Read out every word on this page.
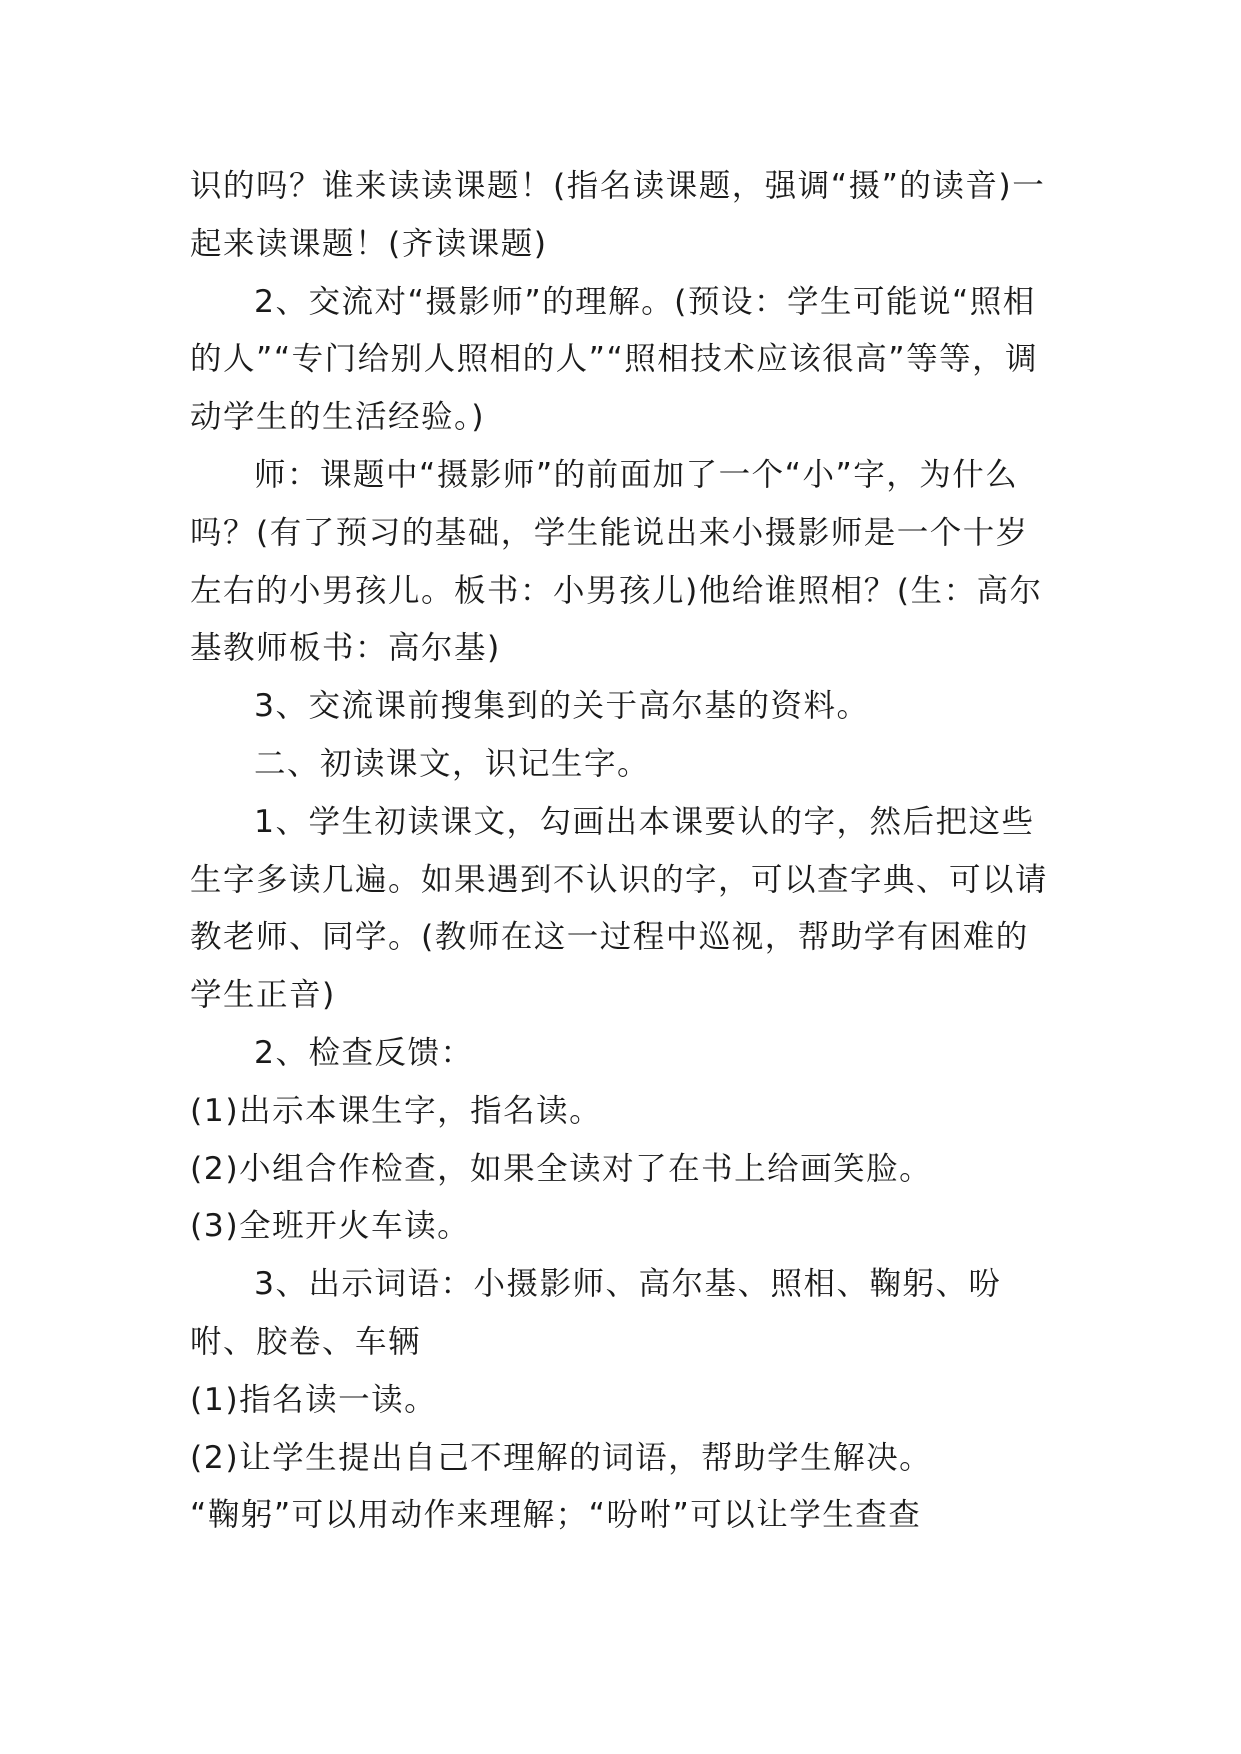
识的吗？谁来读读课题！(指名读课题，强调“摄”的读音)一起来读课题！(齐读课题)

2、交流对“摄影师”的理解。(预设：学生可能说“照相的人”“专门给别人照相的人”“照相技术应该很高”等等，调动学生的生活经验。)

师：课题中“摄影师”的前面加了一个“小”字，为什么吗？(有了预习的基础，学生能说出来小摄影师是一个十岁左右的小男孩儿。板书：小男孩儿)他给谁照相？(生：高尔基教师板书：高尔基)

3、交流课前搜集到的关于高尔基的资料。

二、初读课文，识记生字。

1、学生初读课文，勾画出本课要认的字，然后把这些生字多读几遍。如果遇到不认识的字，可以查字典、可以请教老师、同学。(教师在这一过程中巡视，帮助学有困难的学生正音)

2、检查反馈：

(1)出示本课生字，指名读。

(2)小组合作检查，如果全读对了在书上给画笑脸。

(3)全班开火车读。

3、出示词语：小摄影师、高尔基、照相、鞠躬、吩咐、胶卷、车辆

(1)指名读一读。

(2)让学生提出自己不理解的词语，帮助学生解决。

“鞠躬”可以用动作来理解；“吩咐”可以让学生查查
